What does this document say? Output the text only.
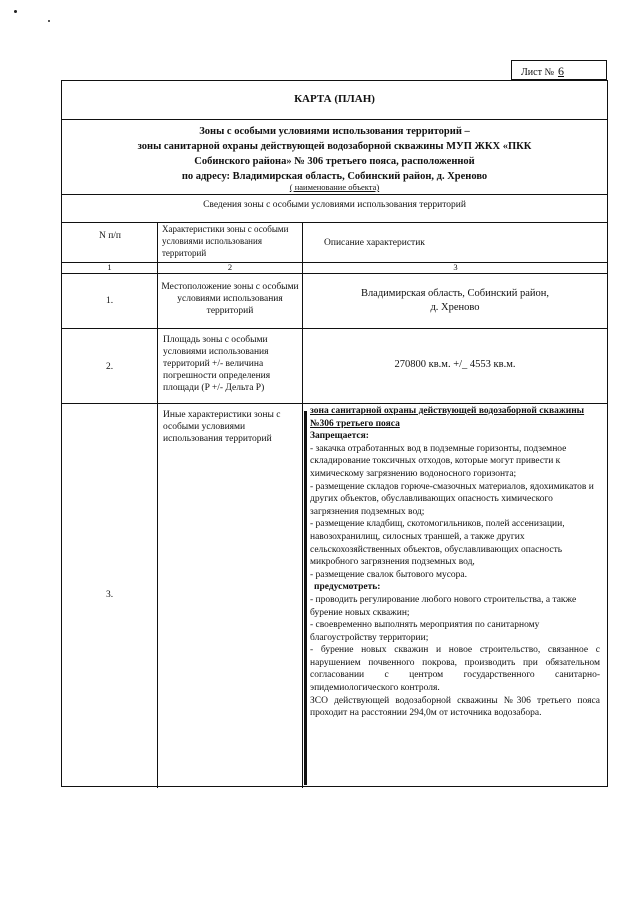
Лист № 6
КАРТА (ПЛАН)
Зоны с особыми условиями использования территорий –
зоны санитарной охраны действующей водозаборной скважины МУП ЖКХ «ПКК
Собинского района» № 306 третьего пояса, расположенной
по адресу: Владимирская область, Собинский район, д. Хреново
( наименование объекта)
Сведения зоны с особыми условиями использования территорий
N п/п
Характеристики зоны с особыми условиями использования территорий
Описание характеристик
1	2	3
1.
Местоположение зоны с особыми условиями использования территорий
Владимирская область, Собинский район,
д. Хреново
2.
Площадь зоны с особыми условиями использования территорий +/- величина погрешности определения площади (P +/- Дельта P)
270800 кв.м. +/_ 4553 кв.м.
3.
Иные характеристики зоны с особыми условиями использования территорий
зона санитарной охраны действующей водозаборной скважины №306 третьего пояса
Запрещается:
- закачка отработанных вод в подземные горизонты, подземное складирование токсичных отходов, которые могут привести к химическому загрязнению водоносного горизонта;
- размещение складов горюче-смазочных материалов, ядохимикатов и других объектов, обуславливающих опасность химического загрязнения подземных вод;
- размещение кладбищ, скотомогильников, полей ассенизации, навозохранилищ, силосных траншей, а также других сельскохозяйственных объектов, обуславливающих опасность микробного загрязнения подземных вод,
- размещение свалок бытового мусора.
предусмотреть:
- проводить регулирование любого нового строительства, а также бурение новых скважин;
- своевременно выполнять мероприятия по санитарному благоустройству территории;
- бурение новых скважин и новое строительство, связанное с нарушением почвенного покрова, производить при обязательном согласовании с центром государственного санитарно-эпидемиологического контроля.
ЗСО действующей водозаборной скважины №306 третьего пояса проходит на расстоянии 294,0м от источника водозабора.
